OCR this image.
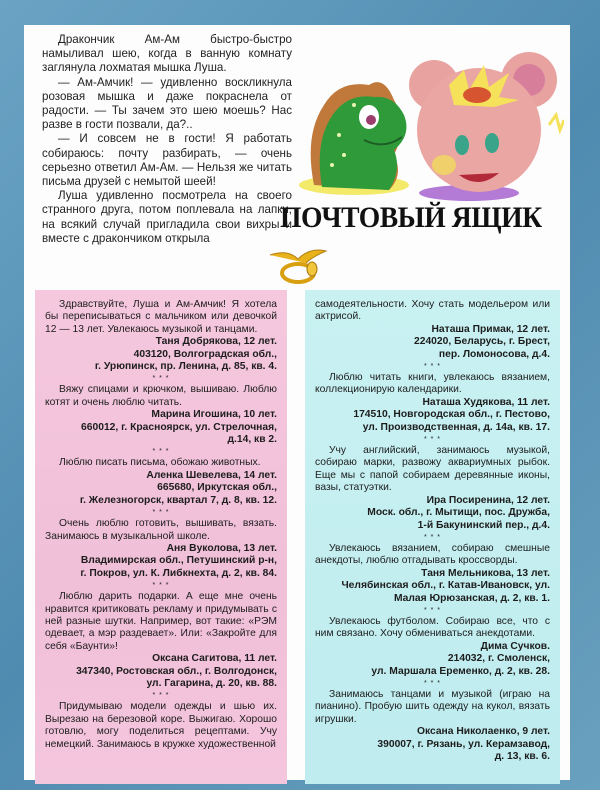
Дракончик Ам-Ам быстро-быстро намыливал шею, когда в ванную комнату заглянула лохматая мышка Луша.

— Ам-Амчик! — удивленно воскликнула розовая мышка и даже покраснела от радости. — Ты зачем это шею моешь? Нас разве в гости позвали, да?..

— И совсем не в гости! Я работать собираюсь: почту разбирать, — очень серьезно ответил Ам-Ам. — Нельзя же читать письма друзей с немытой шеей!

Луша удивленно посмотрела на своего странного друга, потом поплевала на лапки, на всякий случай пригладила свои вихры и вместе с дракончиком открыла

ПОЧТОВЫЙ ЯЩИК

Здравствуйте, Луша и Ам-Амчик! Я хотела бы переписываться с мальчиком или девочкой 12 — 13 лет. Увлекаюсь музыкой и танцами.

Таня Добрякова, 12 лет.

403120, Волгоградская обл.,

г. Урюпинск, пр. Ленина, д. 85, кв. 4.

* * *

Вяжу спицами и крючком, вышиваю. Люблю котят и очень люблю читать.

Марина Игошина, 10 лет.

660012, г. Красноярск, ул. Стрелочная,

д.14, кв 2.

* * *

Люблю писать письма, обожаю животных.

Аленка Шевелева, 14 лет.

665680, Иркутская обл.,

г. Железногорск, квартал 7, д. 8, кв. 12.

* * *

Очень люблю готовить, вышивать, вязать. Занимаюсь в музыкальной школе.

Аня Вуколова, 13 лет.

Владимирская обл., Петушинский р-н,

г. Покров, ул. К. Либкнехта, д. 2, кв. 84.

* * *

Люблю дарить подарки. А еще мне очень нравится критиковать рекламу и придумывать с ней разные шутки. Например, вот такие: «РЭМ одевает, а мэр раздевает». Или: «Закройте для себя «Баунти»!

Оксана Сагитова, 11 лет.

347340, Ростовская обл., г. Волгодонск,

ул. Гагарина, д. 20, кв. 88.

* * *

Придумываю модели одежды и шью их. Вырезаю на березовой коре. Выжигаю. Хорошо готовлю, могу поделиться рецептами. Учу немецкий. Занимаюсь в кружке художественной

самодеятельности. Хочу стать модельером или актрисой.

Наташа Примак, 12 лет.

224020, Беларусь, г. Брест,

пер. Ломоносова, д.4.

* * *

Люблю читать книги, увлекаюсь вязанием, коллекционирую календарики.

Наташа Худякова, 11 лет.

174510, Новгородская обл., г. Пестово,

ул. Производственная, д. 14а, кв. 17.

* * *

Учу английский, занимаюсь музыкой, собираю марки, развожу аквариумных рыбок. Еще мы с папой собираем деревянные иконы, вазы, статуэтки.

Ира Посиренина, 12 лет.

Моск. обл., г. Мытищи, пос. Дружба,

1-й Бакунинский пер., д.4.

* * *

Увлекаюсь вязанием, собираю смешные анекдоты, люблю отгадывать кроссворды.

Таня Мельникова, 13 лет.

Челябинская обл., г. Катав-Ивановск, ул.

Малая Юрюзанская, д. 2, кв. 1.

* * *

Увлекаюсь футболом. Собираю все, что с ним связано. Хочу обмениваться анекдотами.

Дима Сучков.

214032, г. Смоленск,

ул. Маршала Еременко, д. 2, кв. 28.

* * *

Занимаюсь танцами и музыкой (играю на пианино). Пробую шить одежду на кукол, вязать игрушки.

Оксана Николаенко, 9 лет.

390007, г. Рязань, ул. Керамзавод,

д. 13, кв. 6.
